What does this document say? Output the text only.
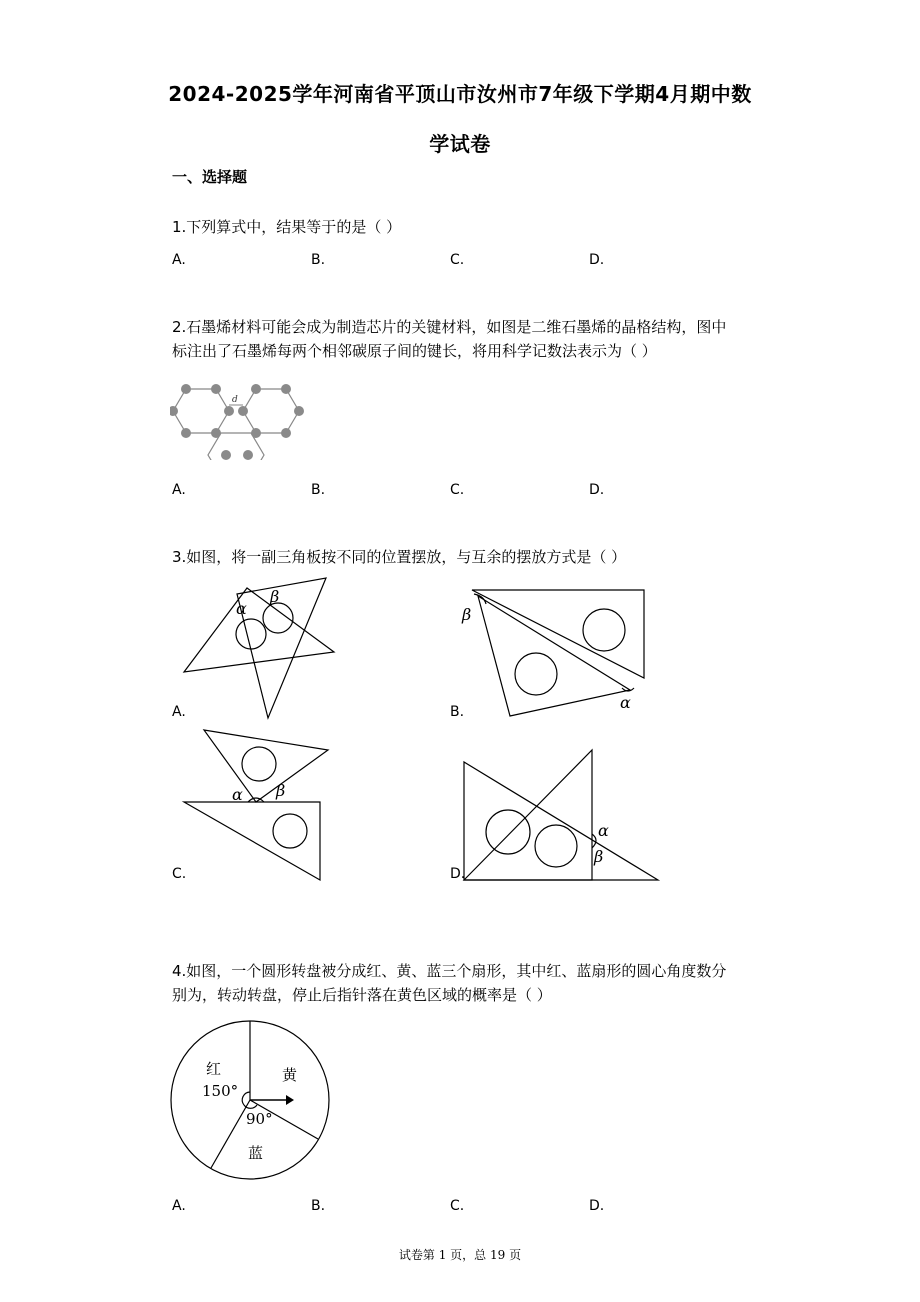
2024-2025学年河南省平顶山市汝州市7年级下学期4月期中数
学试卷
一、选择题
1.下列算式中，结果等于的是（ ）
A.	B.	C.	D.
2.石墨烯材料可能会成为制造芯片的关键材料，如图是二维石墨烯的晶格结构，图中
标注出了石墨烯每两个相邻碳原子间的键长，将用科学记数法表示为（ ）
d
A.	B.	C.	D.
3.如图，将一副三角板按不同的位置摆放，与互余的摆放方式是（ ）
α
β
A.
β
α
B.
α β
C.
α
β
D.
4.如图，一个圆形转盘被分成红、黄、蓝三个扇形，其中红、蓝扇形的圆心角度数分
别为，转动转盘，停止后指针落在黄色区域的概率是（ ）
红
150°
黄
90°
蓝
A.	B.	C.	D.
试卷第 1 页，总 19 页
